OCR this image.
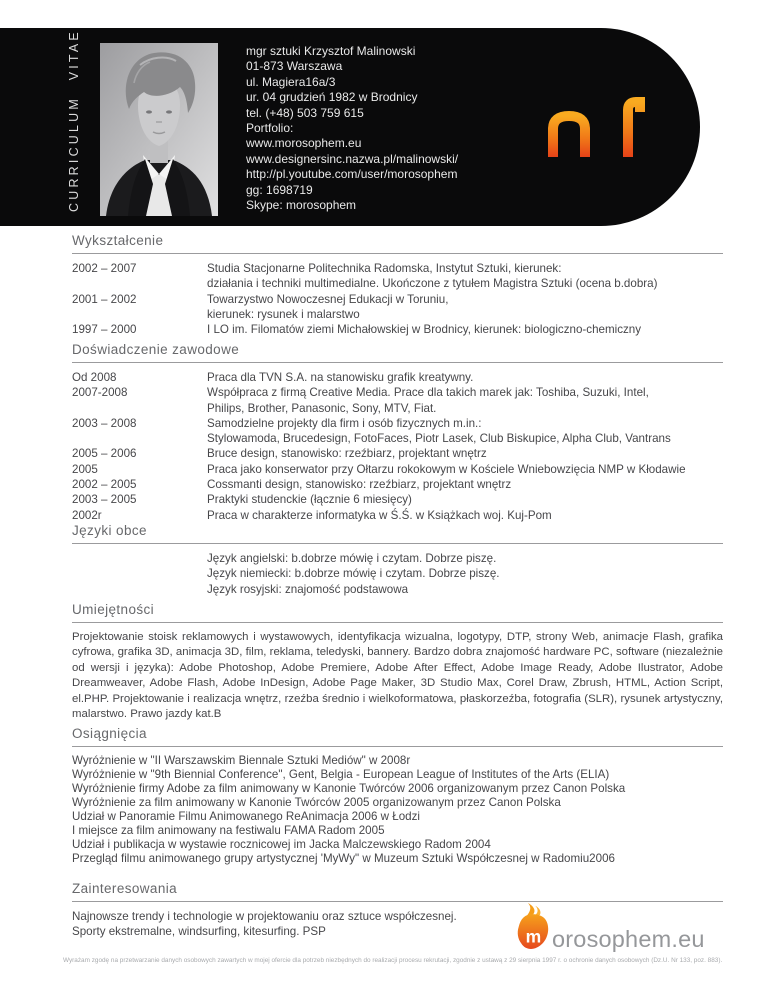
CURRICULUM VITAE	mgr sztuki Krzysztof Malinowski
01-873 Warszawa
ul. Magiera16a/3
ur. 04 grudzień 1982 w Brodnicy
tel. (+48) 503 759 615
Portfolio:
www.morosophem.eu
www.designersinc.nazwa.pl/malinowski/
http://pl.youtube.com/user/morosophem
gg: 1698719
Skype: morosophem
Wykształcenie
2002 – 2007	Studia Stacjonarne Politechnika Radomska, Instytut Sztuki, kierunek:
działania i techniki multimedialne. Ukończone z tytułem Magistra Sztuki (ocena b.dobra)
2001 – 2002	Towarzystwo Nowoczesnej Edukacji w Toruniu,
kierunek: rysunek i malarstwo
1997 – 2000	I LO im. Filomatów ziemi Michałowskiej w Brodnicy, kierunek: biologiczno-chemiczny
Doświadczenie zawodowe
Od 2008	Praca dla TVN S.A. na stanowisku grafik kreatywny.
2007-2008	Współpraca z firmą Creative Media. Prace dla takich marek jak: Toshiba, Suzuki, Intel,
Philips, Brother, Panasonic, Sony, MTV, Fiat.
2003 – 2008	Samodzielne projekty dla firm i osób fizycznych m.in.:
Stylowamoda, Brucedesign, FotoFaces, Piotr Lasek, Club Biskupice, Alpha Club, Vantrans
2005 – 2006	Bruce design, stanowisko: rzeźbiarz, projektant wnętrz
2005	Praca jako konserwator przy Ołtarzu rokokowym w Kościele Wniebowzięcia NMP w Kłodawie
2002 – 2005	Cossmanti design, stanowisko: rzeźbiarz, projektant wnętrz
2003 – 2005	Praktyki studenckie (łącznie 6 miesięcy)
2002r	Praca w charakterze informatyka w Ś.Ś. w Książkach woj. Kuj-Pom
Języki obce
Język angielski: b.dobrze mówię i czytam. Dobrze piszę.
Język niemiecki: b.dobrze mówię i czytam. Dobrze piszę.
Język rosyjski: znajomość podstawowa
Umiejętności
Projektowanie stoisk reklamowych i wystawowych, identyfikacja wizualna, logotypy, DTP, strony Web, animacje Flash, grafika cyfrowa, grafika 3D, animacja 3D, film, reklama, teledyski, bannery. Bardzo dobra znajomość hardware PC, software (niezależnie od wersji i języka): Adobe Photoshop, Adobe Premiere, Adobe After Effect, Adobe Image Ready, Adobe Ilustrator, Adobe Dreamweaver, Adobe Flash, Adobe InDesign, Adobe Page Maker, 3D Studio Max, Corel Draw, Zbrush, HTML, Action Script, el.PHP. Projektowanie i realizacja wnętrz, rzeźba średnio i wielkoformatowa, płaskorzeźba, fotografia (SLR), rysunek artystyczny, malarstwo. Prawo jazdy kat.B
Osiągnięcia
Wyróżnienie w "II Warszawskim Biennale Sztuki Mediów" w 2008r
Wyróżnienie w "9th Biennial Conference", Gent, Belgia - European League of Institutes of the Arts (ELIA)
Wyróżnienie firmy Adobe za film animowany w Kanonie Twórców 2006 organizowanym przez Canon Polska
Wyróżnienie za film animowany w Kanonie Twórców 2005 organizowanym przez Canon Polska
Udział w Panoramie Filmu Animowanego ReAnimacja 2006 w Łodzi
I miejsce za film animowany na festiwalu FAMA Radom 2005
Udział i publikacja w wystawie rocznicowej im Jacka Malczewskiego Radom 2004
Przegląd filmu animowanego grupy artystycznej 'MyWy" w Muzeum Sztuki Współczesnej w Radomiu2006
Zainteresowania
Najnowsze trendy i technologie w projektowaniu oraz sztuce współczesnej.
Sporty ekstremalne, windsurfing, kitesurfing. PSP	m orosophem.eu
Wyrażam zgodę na przetwarzanie danych osobowych zawartych w mojej ofercie dla potrzeb niezbędnych do realizacji procesu rekrutacji, zgodnie z ustawą z 29 sierpnia 1997 r. o ochronie danych osobowych (Dz.U. Nr 133, poz. 883).
